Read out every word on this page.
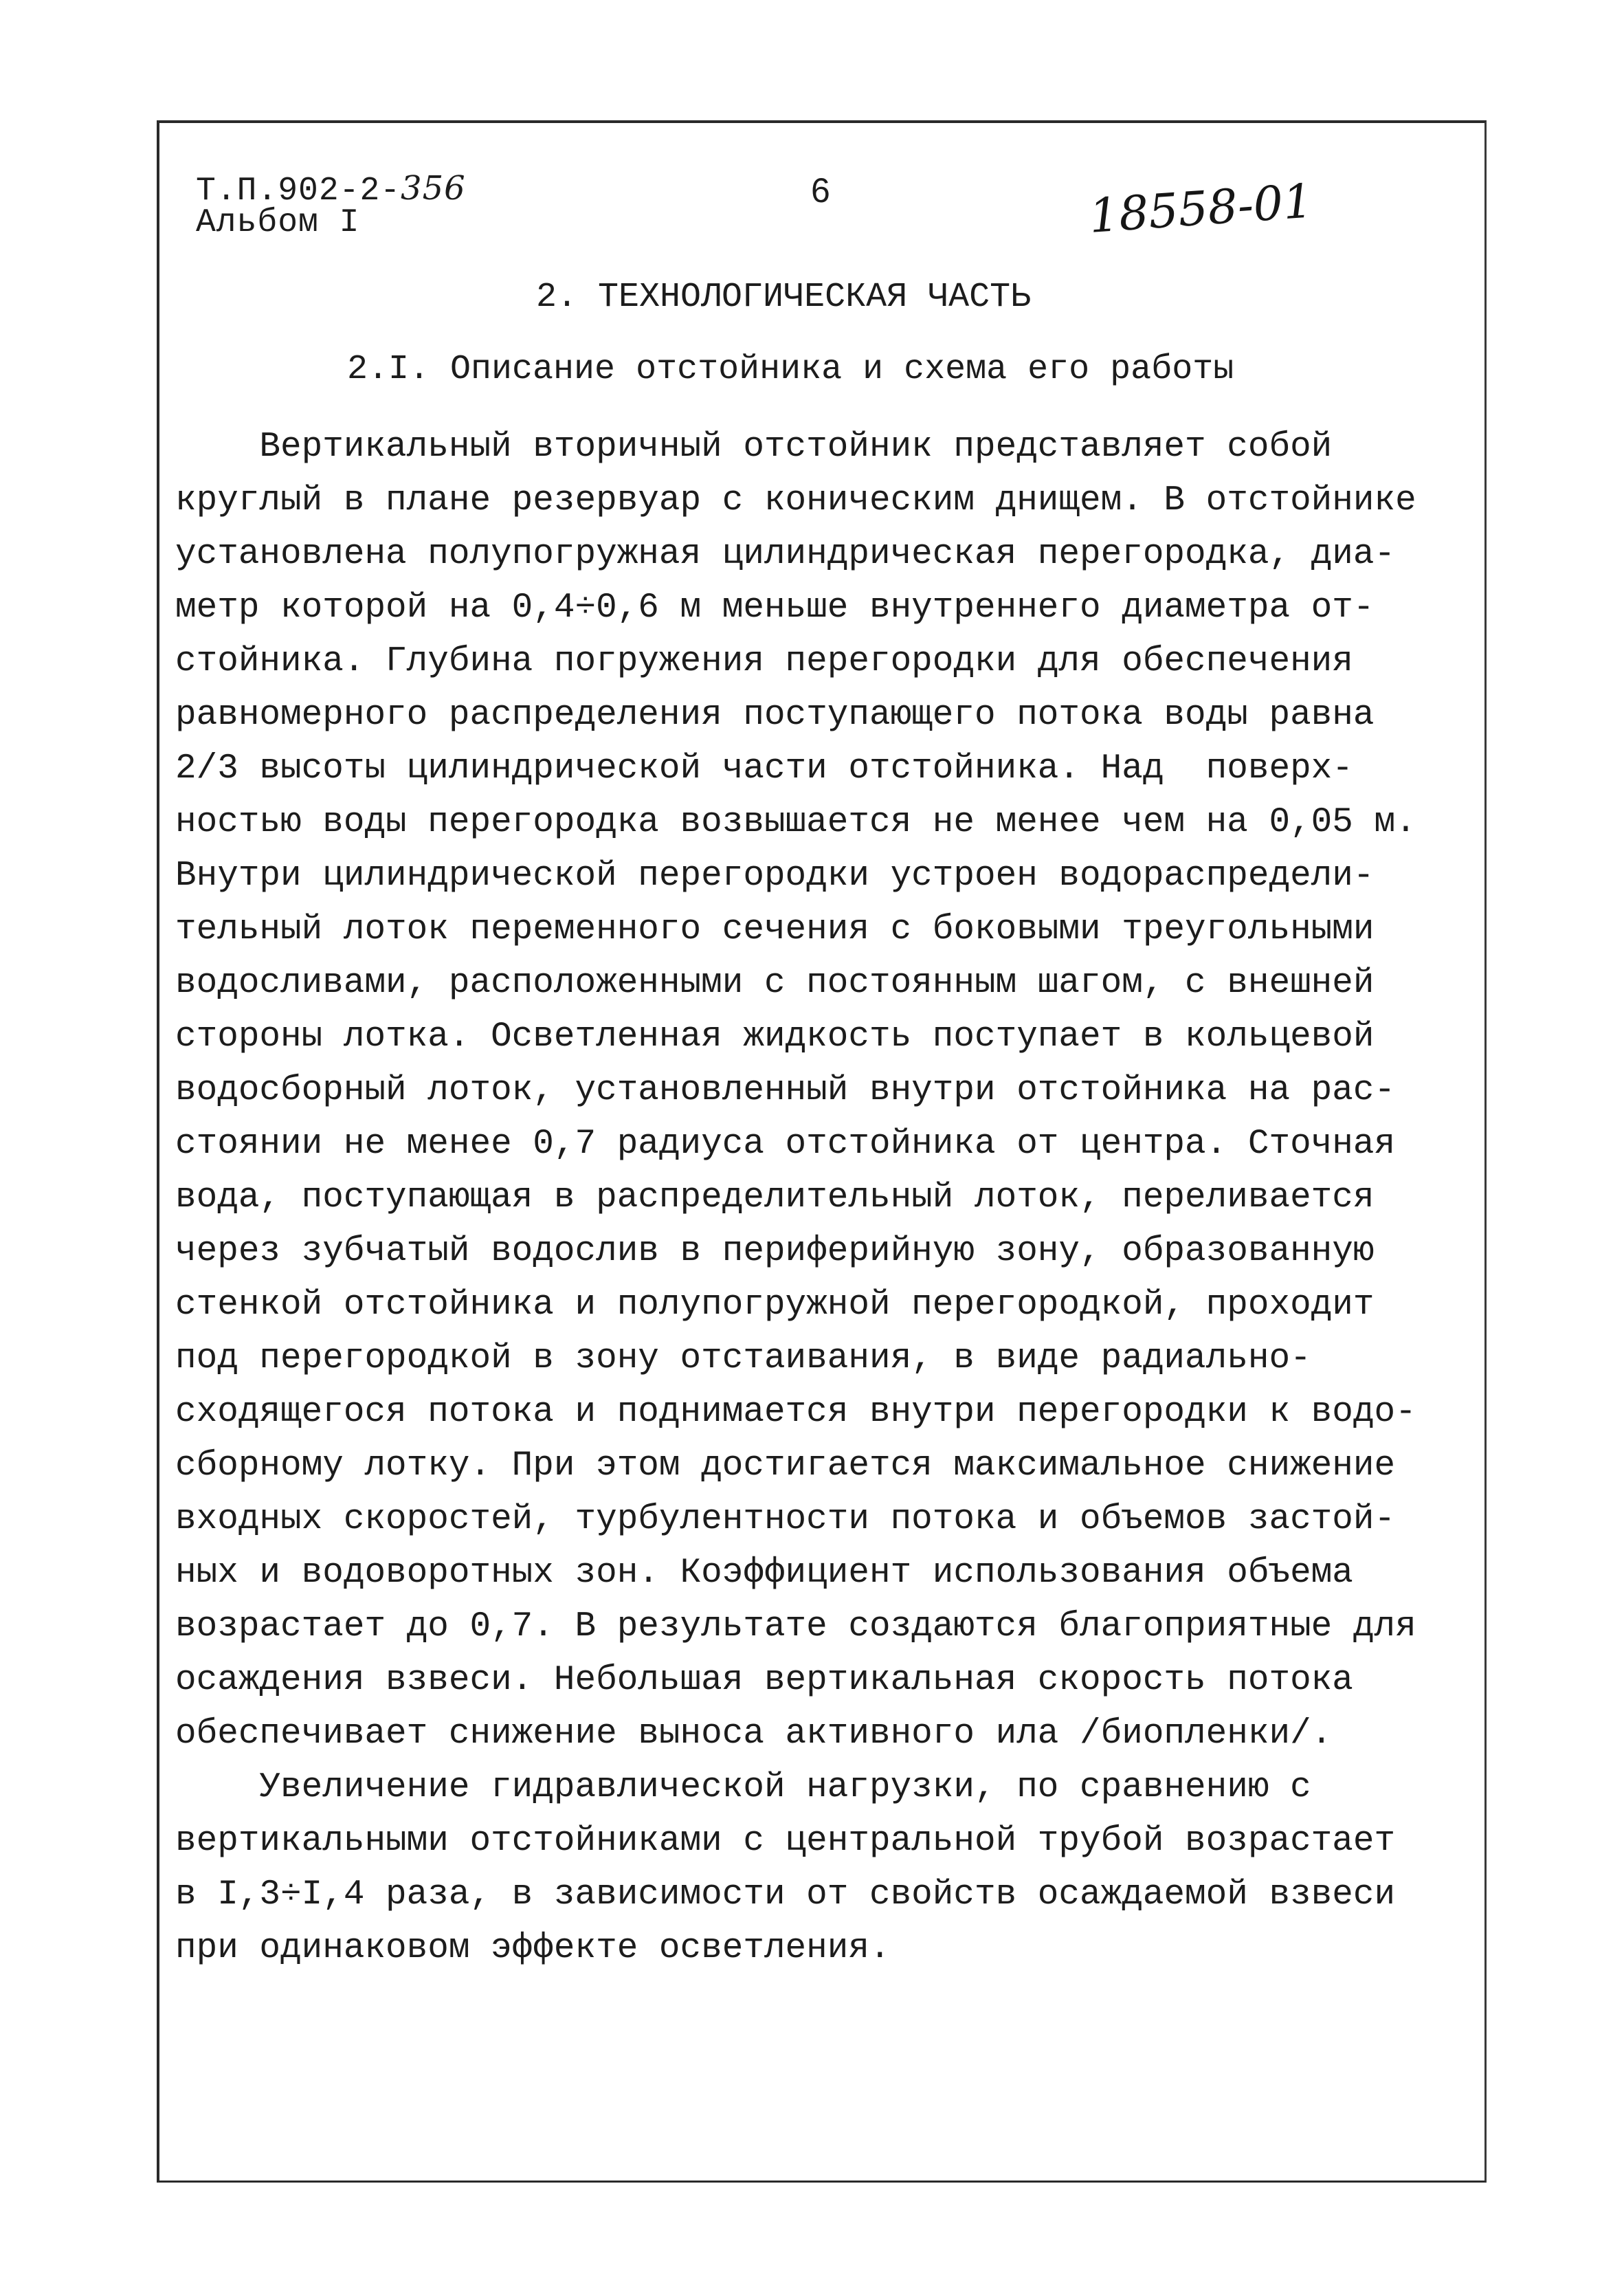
Т.П.902-2-356
Альбом I
6	18558-01
2. ТЕХНОЛОГИЧЕСКАЯ ЧАСТЬ
2.I. Описание отстойника и схема его работы
Вертикальный вторичный отстойник представляет собой
круглый в плане резервуар с коническим днищем. В отстойнике
установлена полупогружная цилиндрическая перегородка, диа-
метр которой на 0,4÷0,6 м меньше внутреннего диаметра от-
стойника. Глубина погружения перегородки для обеспечения
равномерного распределения поступающего потока воды равна
2/3 высоты цилиндрической части отстойника. Над  поверх-
ностью воды перегородка возвышается не менее чем на 0,05 м.
Внутри цилиндрической перегородки устроен водораспредели-
тельный лоток переменного сечения с боковыми треугольными
водосливами, расположенными с постоянным шагом, с внешней
стороны лотка. Осветленная жидкость поступает в кольцевой
водосборный лоток, установленный внутри отстойника на рас-
стоянии не менее 0,7 радиуса отстойника от центра. Сточная
вода, поступающая в распределительный лоток, переливается
через зубчатый водослив в периферийную зону, образованную
стенкой отстойника и полупогружной перегородкой, проходит
под перегородкой в зону отстаивания, в виде радиально-
сходящегося потока и поднимается внутри перегородки к водо-
сборному лотку. При этом достигается максимальное снижение
входных скоростей, турбулентности потока и объемов застой-
ных и водоворотных зон. Коэффициент использования объема
возрастает до 0,7. В результате создаются благоприятные для
осаждения взвеси. Небольшая вертикальная скорость потока
обеспечивает снижение выноса активного ила /биопленки/.
Увеличение гидравлической нагрузки, по сравнению с
вертикальными отстойниками с центральной трубой возрастает
в I,3÷I,4 раза, в зависимости от свойств осаждаемой взвеси
при одинаковом эффекте осветления.
